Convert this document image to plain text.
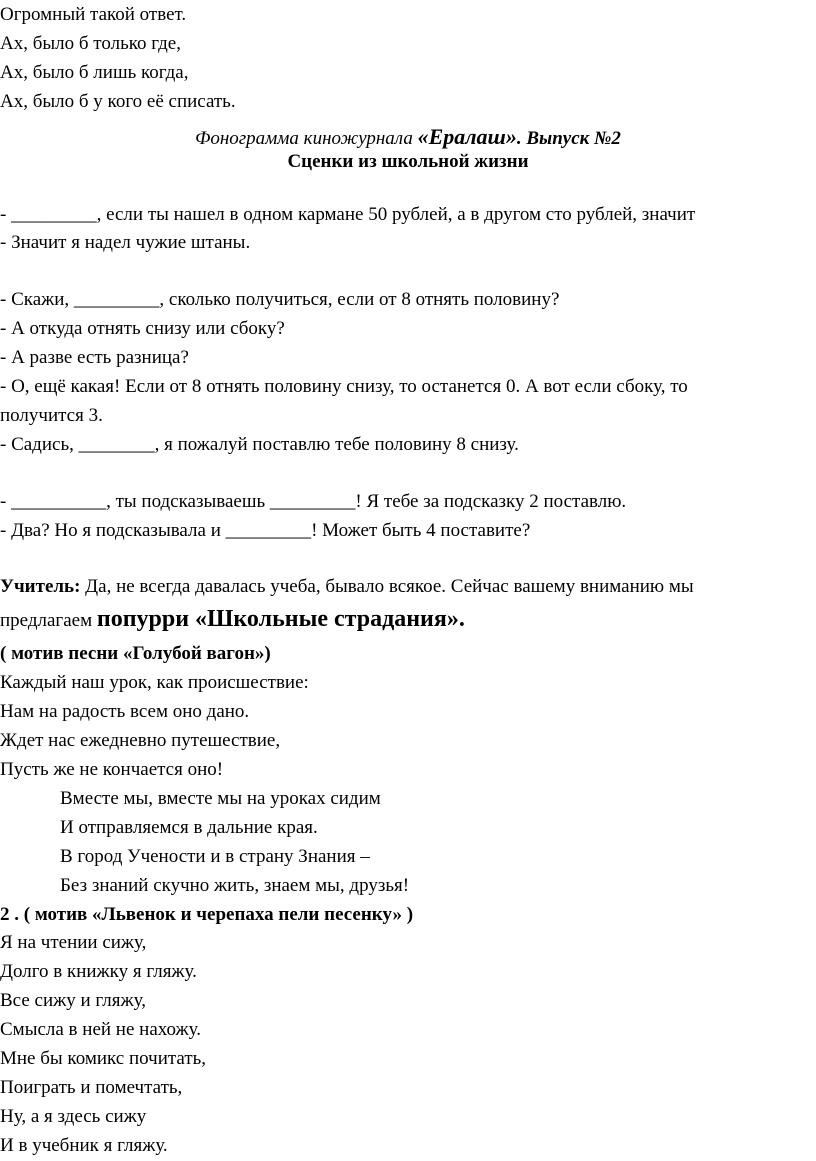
Огромный такой ответ.
Ах, было б только где,
Ах, было б лишь когда,
Ах, было б у кого её списать.
Фонограмма киножурнала «Ералаш». Выпуск №2
Сценки из школьной жизни
- _________, если ты нашел в одном кармане 50 рублей, а в другом сто рублей, значит
- Значит я надел чужие штаны.
- Скажи, _________, сколько получиться, если от 8 отнять половину?
- А откуда отнять снизу или сбоку?
- А разве есть разница?
- О, ещё какая! Если от 8 отнять половину снизу, то останется 0. А вот если сбоку, то
получится 3.
- Садись, ________, я пожалуй поставлю тебе половину 8 снизу.
- __________, ты подсказываешь _________! Я тебе за подсказку 2 поставлю.
- Два? Но я подсказывала и _________! Может быть 4 поставите?
Учитель: Да, не всегда давалась учеба, бывало всякое. Сейчас вашему вниманию мы
предлагаем попурри «Школьные страдания».
( мотив песни «Голубой вагон»)
Каждый наш урок, как происшествие:
Нам на радость всем оно дано.
Ждет нас ежедневно путешествие,
Пусть же не кончается оно!
Вместе мы, вместе мы на уроках сидим
И отправляемся в дальние края.
В город Учености и в страну Знания –
Без знаний скучно жить, знаем мы, друзья!
2 . ( мотив «Львенок и черепаха пели песенку» )
Я на чтении сижу,
Долго в книжку я гляжу.
Все сижу и гляжу,
Смысла в ней не нахожу.
Мне бы комикс почитать,
Поиграть и помечтать,
Ну, а я здесь сижу
И в учебник я гляжу.
